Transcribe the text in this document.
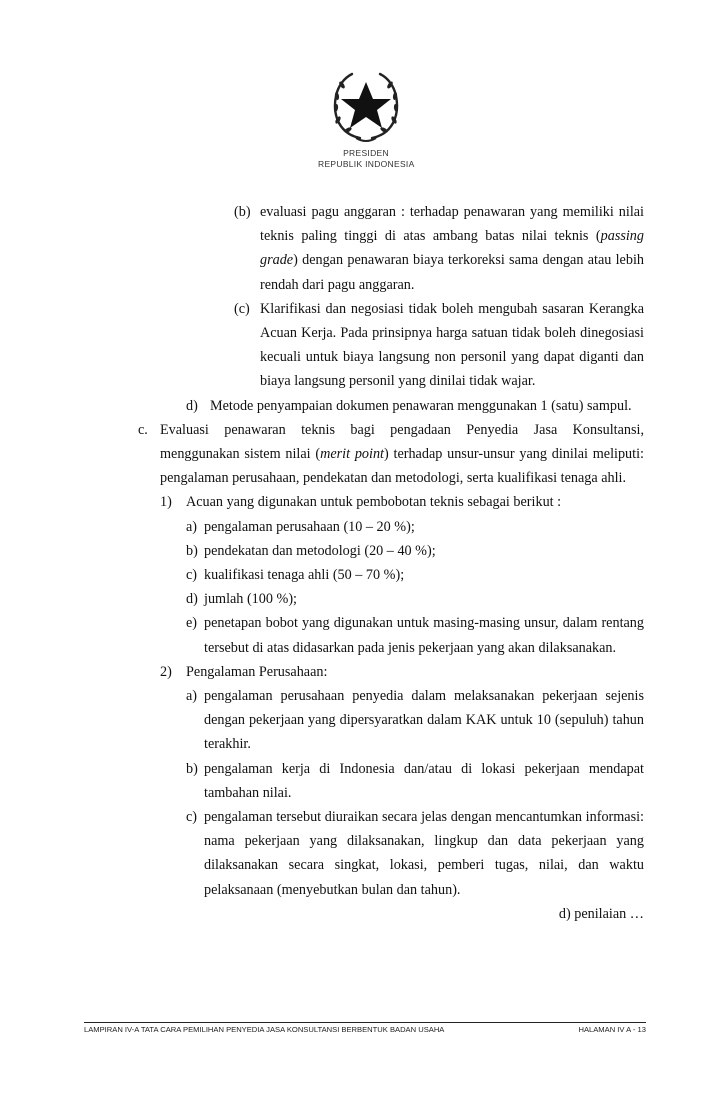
PRESIDEN
REPUBLIK INDONESIA
(b) evaluasi pagu anggaran : terhadap penawaran yang memiliki nilai teknis paling tinggi di atas ambang batas nilai teknis (passing grade) dengan penawaran biaya terkoreksi sama dengan atau lebih rendah dari pagu anggaran.
(c) Klarifikasi dan negosiasi tidak boleh mengubah sasaran Kerangka Acuan Kerja. Pada prinsipnya harga satuan tidak boleh dinegosiasi kecuali untuk biaya langsung non personil yang dapat diganti dan biaya langsung personil yang dinilai tidak wajar.
d) Metode penyampaian dokumen penawaran menggunakan 1 (satu) sampul.
c. Evaluasi penawaran teknis bagi pengadaan Penyedia Jasa Konsultansi, menggunakan sistem nilai (merit point) terhadap unsur-unsur yang dinilai meliputi: pengalaman perusahaan, pendekatan dan metodologi, serta kualifikasi tenaga ahli.
1) Acuan yang digunakan untuk pembobotan teknis sebagai berikut :
a) pengalaman perusahaan (10 – 20 %);
b) pendekatan dan metodologi (20 – 40 %);
c) kualifikasi tenaga ahli (50 – 70 %);
d) jumlah (100 %);
e) penetapan bobot yang digunakan untuk masing-masing unsur, dalam rentang tersebut di atas didasarkan pada jenis pekerjaan yang akan dilaksanakan.
2) Pengalaman Perusahaan:
a) pengalaman perusahaan penyedia dalam melaksanakan pekerjaan sejenis dengan pekerjaan yang dipersyaratkan dalam KAK untuk 10 (sepuluh) tahun terakhir.
b) pengalaman kerja di Indonesia dan/atau di lokasi pekerjaan mendapat tambahan nilai.
c) pengalaman tersebut diuraikan secara jelas dengan mencantumkan informasi: nama pekerjaan yang dilaksanakan, lingkup dan data pekerjaan yang dilaksanakan secara singkat, lokasi, pemberi tugas, nilai, dan waktu pelaksanaan (menyebutkan bulan dan tahun).
d) penilaian …
LAMPIRAN IV-A TATA CARA PEMILIHAN PENYEDIA JASA KONSULTANSI BERBENTUK BADAN USAHA	HALAMAN IV A - 13
